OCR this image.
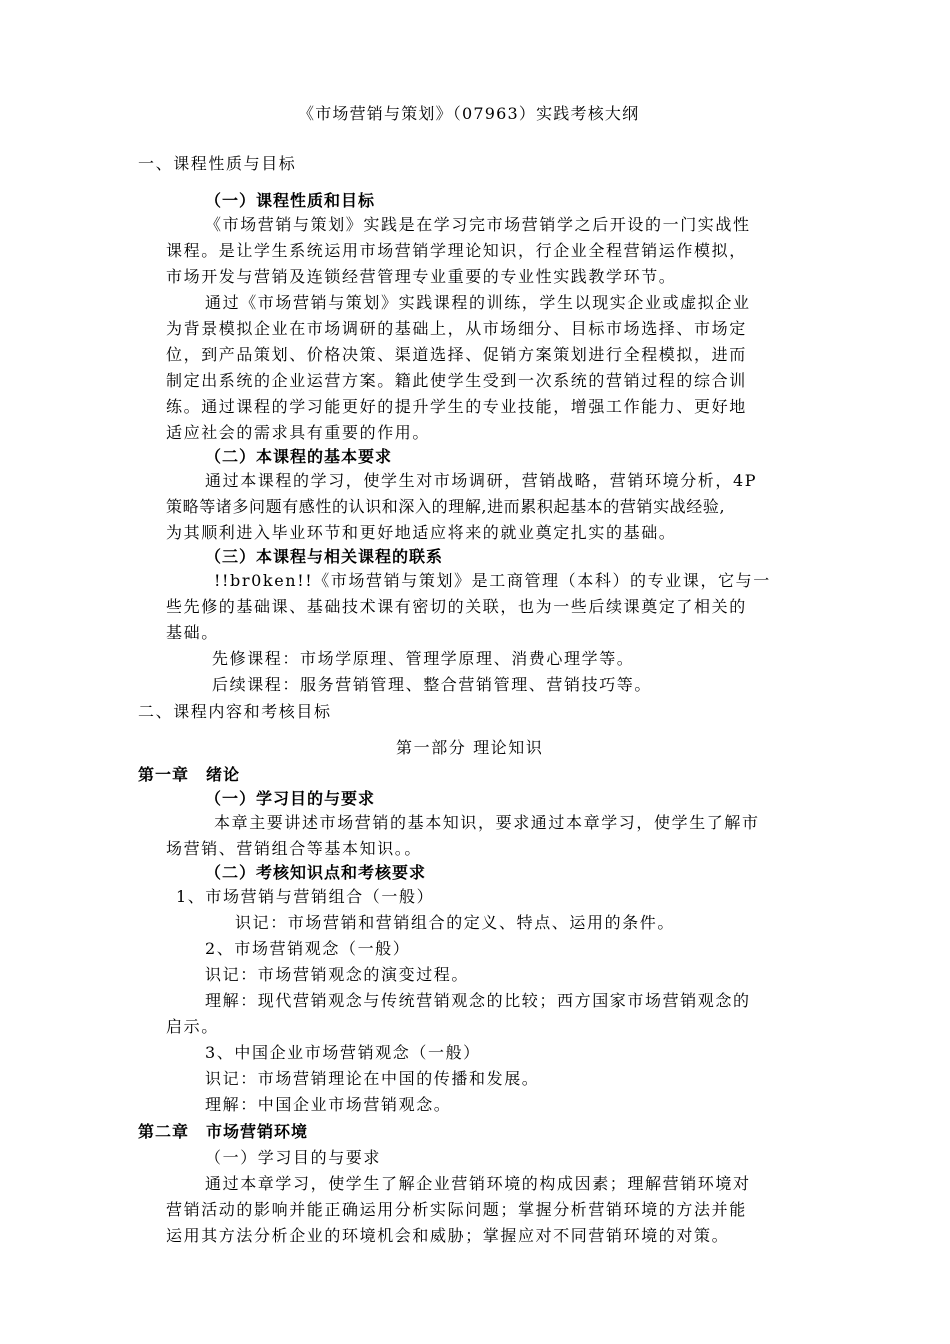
《市场营销与策划》（07963）实践考核大纲
一、课程性质与目标
（一）课程性质和目标
《市场营销与策划》实践是在学习完市场营销学之后开设的一门实战性
课程。是让学生系统运用市场营销学理论知识，行企业全程营销运作模拟，
市场开发与营销及连锁经营管理专业重要的专业性实践教学环节。
通过《市场营销与策划》实践课程的训练，学生以现实企业或虚拟企业
为背景模拟企业在市场调研的基础上，从市场细分、目标市场选择、市场定
位，到产品策划、价格决策、渠道选择、促销方案策划进行全程模拟，进而
制定出系统的企业运营方案。籍此使学生受到一次系统的营销过程的综合训
练。通过课程的学习能更好的提升学生的专业技能，增强工作能力、更好地
适应社会的需求具有重要的作用。
（二）本课程的基本要求
通过本课程的学习，使学生对市场调研，营销战略，营销环境分析，4P
策略等诸多问题有感性的认识和深入的理解,进而累积起基本的营销实战经验,
为其顺利进入毕业环节和更好地适应将来的就业奠定扎实的基础。
（三）本课程与相关课程的联系
!!br0ken!!《市场营销与策划》是工商管理（本科）的专业课，它与一
些先修的基础课、基础技术课有密切的关联，也为一些后续课奠定了相关的
基础。
先修课程：市场学原理、管理学原理、消费心理学等。
后续课程：服务营销管理、整合营销管理、营销技巧等。
二、课程内容和考核目标
第一部分 理论知识
第一章　绪论
（一）学习目的与要求
本章主要讲述市场营销的基本知识，要求通过本章学习，使学生了解市
场营销、营销组合等基本知识。。
（二）考核知识点和考核要求
1、市场营销与营销组合（一般）
识记：市场营销和营销组合的定义、特点、运用的条件。
2、市场营销观念（一般）
识记：市场营销观念的演变过程。
理解：现代营销观念与传统营销观念的比较；西方国家市场营销观念的
启示。
3、中国企业市场营销观念（一般）
识记：市场营销理论在中国的传播和发展。
理解：中国企业市场营销观念。
第二章　市场营销环境
（一）学习目的与要求
通过本章学习，使学生了解企业营销环境的构成因素；理解营销环境对
营销活动的影响并能正确运用分析实际问题；掌握分析营销环境的方法并能
运用其方法分析企业的环境机会和威胁；掌握应对不同营销环境的对策。
